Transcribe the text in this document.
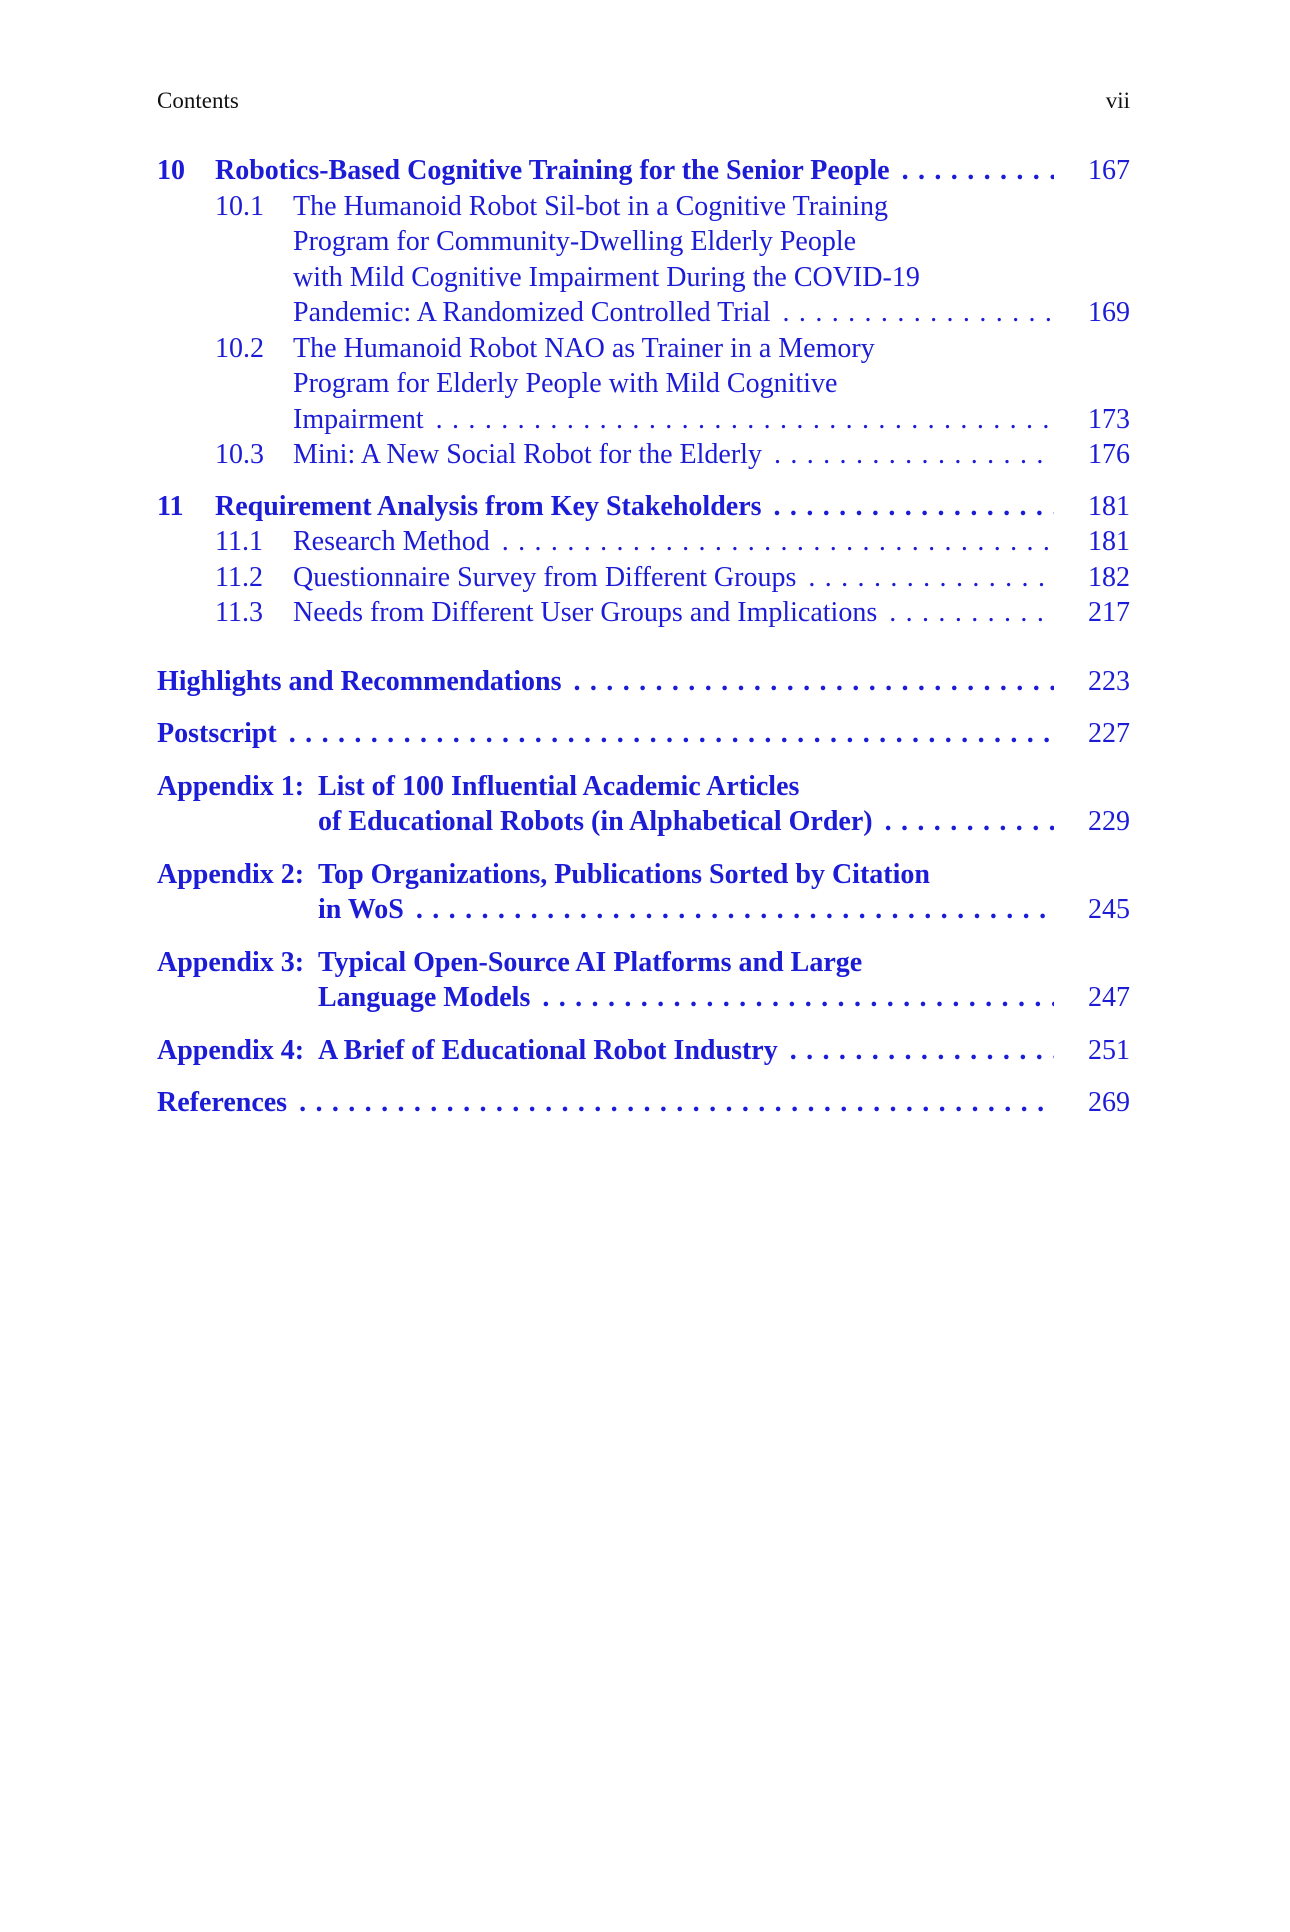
Contents	vii
10	Robotics-Based Cognitive Training for the Senior People . . .	167
10.1	The Humanoid Robot Sil-bot in a Cognitive Training
Program for Community-Dwelling Elderly People
with Mild Cognitive Impairment During the COVID-19
Pandemic: A Randomized Controlled Trial . . .	169
10.2	The Humanoid Robot NAO as Trainer in a Memory
Program for Elderly People with Mild Cognitive
Impairment . . .	173
10.3	Mini: A New Social Robot for the Elderly . . .	176
11	Requirement Analysis from Key Stakeholders . . .	181
11.1	Research Method . . .	181
11.2	Questionnaire Survey from Different Groups . . .	182
11.3	Needs from Different User Groups and Implications . . .	217
Highlights and Recommendations . . .	223
Postscript . . .	227
Appendix 1: List of 100 Influential Academic Articles
of Educational Robots (in Alphabetical Order) . . .	229
Appendix 2: Top Organizations, Publications Sorted by Citation
in WoS . . .	245
Appendix 3: Typical Open-Source AI Platforms and Large
Language Models . . .	247
Appendix 4: A Brief of Educational Robot Industry . . .	251
References . . .	269
